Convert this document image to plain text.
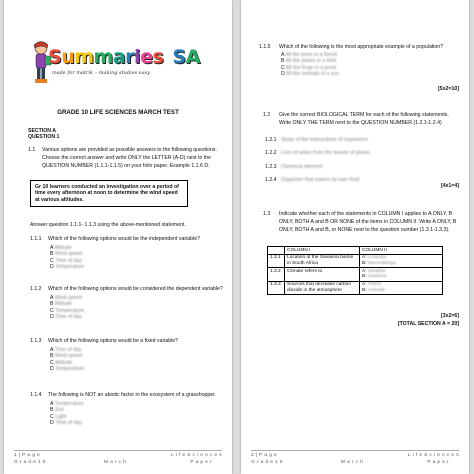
Summaries SA
made for matrik – making studies easy
GRADE 10 LIFE SCIENCES MARCH TEST
SECTION A
QUESTION 1
1.1 Various options are provided as possible answers to the following questions.
Choose the correct answer and write ONLY the LETTER (A-D) next to the
QUESTION NUMBER (1.1.1-1.1.5) on your folio paper. Example 1.1.6 D.
Gr 10 learners conducted an investigation over a period of time every afternoon at noon to determine the wind speed at various altitudes.
Answer question 1.1.1- 1.1.3 using the above-mentioned statement.
1.1.1 Which of the following options would be the independent variable?
A Altitude
B Wind speed
C Time of day
D Temperature
1.1.2 Which of the following options would be considered the dependent variable?
A Wind speed
B Altitude
C Temperature
D Time of day
1.1.3 Which of the following options would be a fixed variable?
A Time of day
B Wind speed
C Altitude
D Temperature
1.1.4 The following is NOT an abiotic factor in the ecosystem of a grasshopper.
A Temperature
B Soil
C Light
D Time of day
1 | P a g e
G r a d e 1 0	M a r c h
L i f e S c i e n c e s
P a p e r
1.1.5 Which of the following is the most appropriate example of a population?
A All the trees in a forest
B All the plants in a field
C All the frogs in a pond
D All the animals in a zoo
[5x2=10]
1.2 Give the correct BIOLOGICAL TERM for each of the following statements.
Write ONLY THE TERM next to the QUESTION NUMBER (1.2.1-1.2.4)
1.2.1 Study of the interactions of organisms
1.2.2 Loss of water from the leaves of plants
1.2.3 Chemical element
1.2.4 Organism that makes its own food
[4x1=4]
1.3 Indicate whether each of the statements in COLUMN I applies to A ONLY, B
ONLY, BOTH A and B OR NONE of the items in COLUMN II. Write A ONLY, B
ONLY, BOTH A and B, or NONE next to the question number (1.3.1-1.3.3).
	COLUMN I	COLUMN II
1.3.1	Location of the Savanna biome in South Africa	A: Limpopo
B: Mpumalanga

1.3.2	Climate refers to	A: Weather
B: Seasons

1.3.3	Sources that decrease carbon dioxide in the atmosphere	A: Plants
B: Animals
[3x2=6]
[TOTAL SECTION A = 20]
2 | P a g e
G r a d e 1 0	M a r c h
L i f e S c i e n c e s
P a p e r
